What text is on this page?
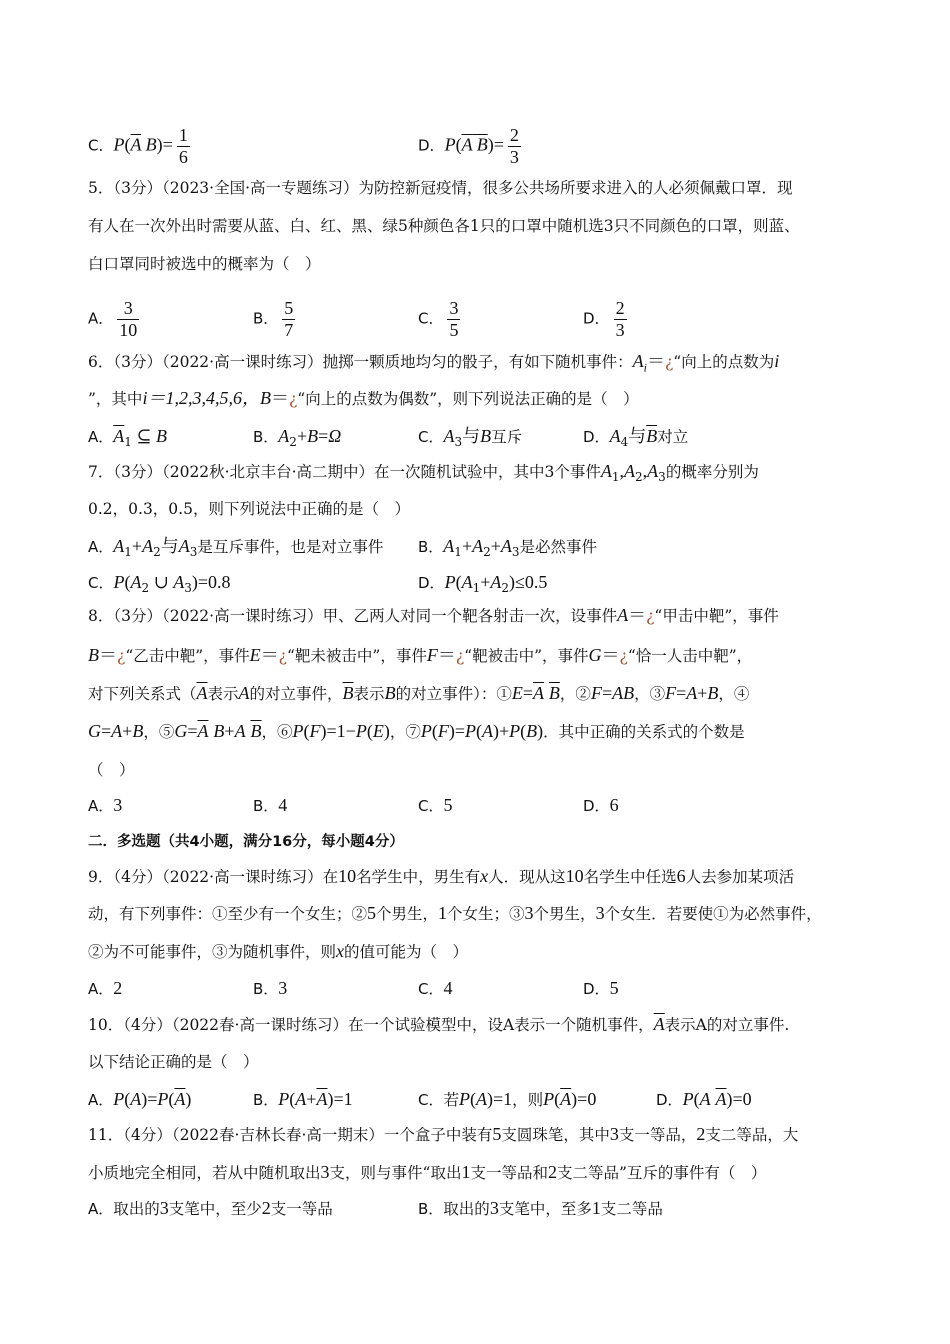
C．$P(\overline{A}$ $B)= \frac{1}{6}$	D．$P(\overline{A}$ $B)= \frac{2}{3}$
5．（3分）（2023·全国·高一专题练习）为防控新冠疫情，很多公共场所要求进入的人必须佩戴口罩．现
有人在一次外出时需要从蓝、白、红、黑、绿5种颜色各1只的口罩中随机选3只不同颜色的口罩，则蓝、
白口罩同时被选中的概率为（　）
A． $\frac{3}{10}$	B． $\frac{5}{7}$	C． $\frac{3}{5}$	D． $\frac{2}{3}$
6．（3分）（2022·高一课时练习）抛掷一颗质地均匀的骰子，有如下随机事件：$A_i=¿“$向上的点数为i
”，其中i＝1,2,3,4,5,6，B＝¿“向上的点数为偶数”，则下列说法正确的是（　）
A．$\overline{A}_1$ ⊆ B	B．$A_2+B=\Omega$	C．$A_3$与B互斥	D．$A_4$与$\overline{B}$对立
7．（3分）（2022秋·北京丰台·高二期中）在一次随机试验中，其中3个事件$A_1,A_2,A_3$的概率分别为
0.2，0.3，0.5，则下列说法中正确的是（　）
A．$A_1+A_2$与$A_3$是互斥事件，也是对立事件 B．$A_1+A_2+A_3$是必然事件
C．$P(A_2$ ∪ $A_3)=0.8$	D．$P(A_1+A_2)\le 0.5$
8．（3分）（2022·高一课时练习）甲、乙两人对同一个靶各射击一次，设事件A＝¿“甲击中靶”，事件
B＝¿“乙击中靶”，事件E＝¿“靶未被击中”，事件F＝¿“靶被击中”，事件G＝¿“恰一人击中靶”，
对下列关系式（$\overline{A}$表示A的对立事件，$\overline{B}$表示B的对立事件）：$①E=\overline{A}$ $\overline{B}$，②F=AB，③F=A+B，④
G=A+B，$⑤G=\overline{A}$ B+A $\overline{B}$，⑥P(F)=1−P(E)，⑦P(F)=P(A)+P(B)．其中正确的关系式的个数是
（　）
A．3	B．4	C．5	D．6
二．多选题（共4小题，满分16分，每小题4分）
9．（4分）（2022·高一课时练习）在10名学生中，男生有x人．现从这10名学生中任选6人去参加某项活
动，有下列事件：①至少有一个女生；②5个男生，1个女生；③3个男生，3个女生．若要使①为必然事件，
②为不可能事件，③为随机事件，则x的值可能为（　）
A．2	B．3	C．4	D．5
10．（4分）（2022春·高一课时练习）在一个试验模型中，设A表示一个随机事件，$\overline{A}$表示A的对立事件.
以下结论正确的是（　）
A．$P(A)=P(\overline{A})$	B．$P(A+\overline{A})=1$	C．若P(A)=1，则$P(\overline{A})=0$	D．P(A $\overline{A})=0$
11．（4分）（2022春·吉林长春·高一期末）一个盒子中装有5支圆珠笔，其中3支一等品，2支二等品，大
小质地完全相同，若从中随机取出3支，则与事件“取出1支一等品和2支二等品”互斥的事件有（　）
A．取出的3支笔中，至少2支一等品	B．取出的3支笔中，至多1支二等品
